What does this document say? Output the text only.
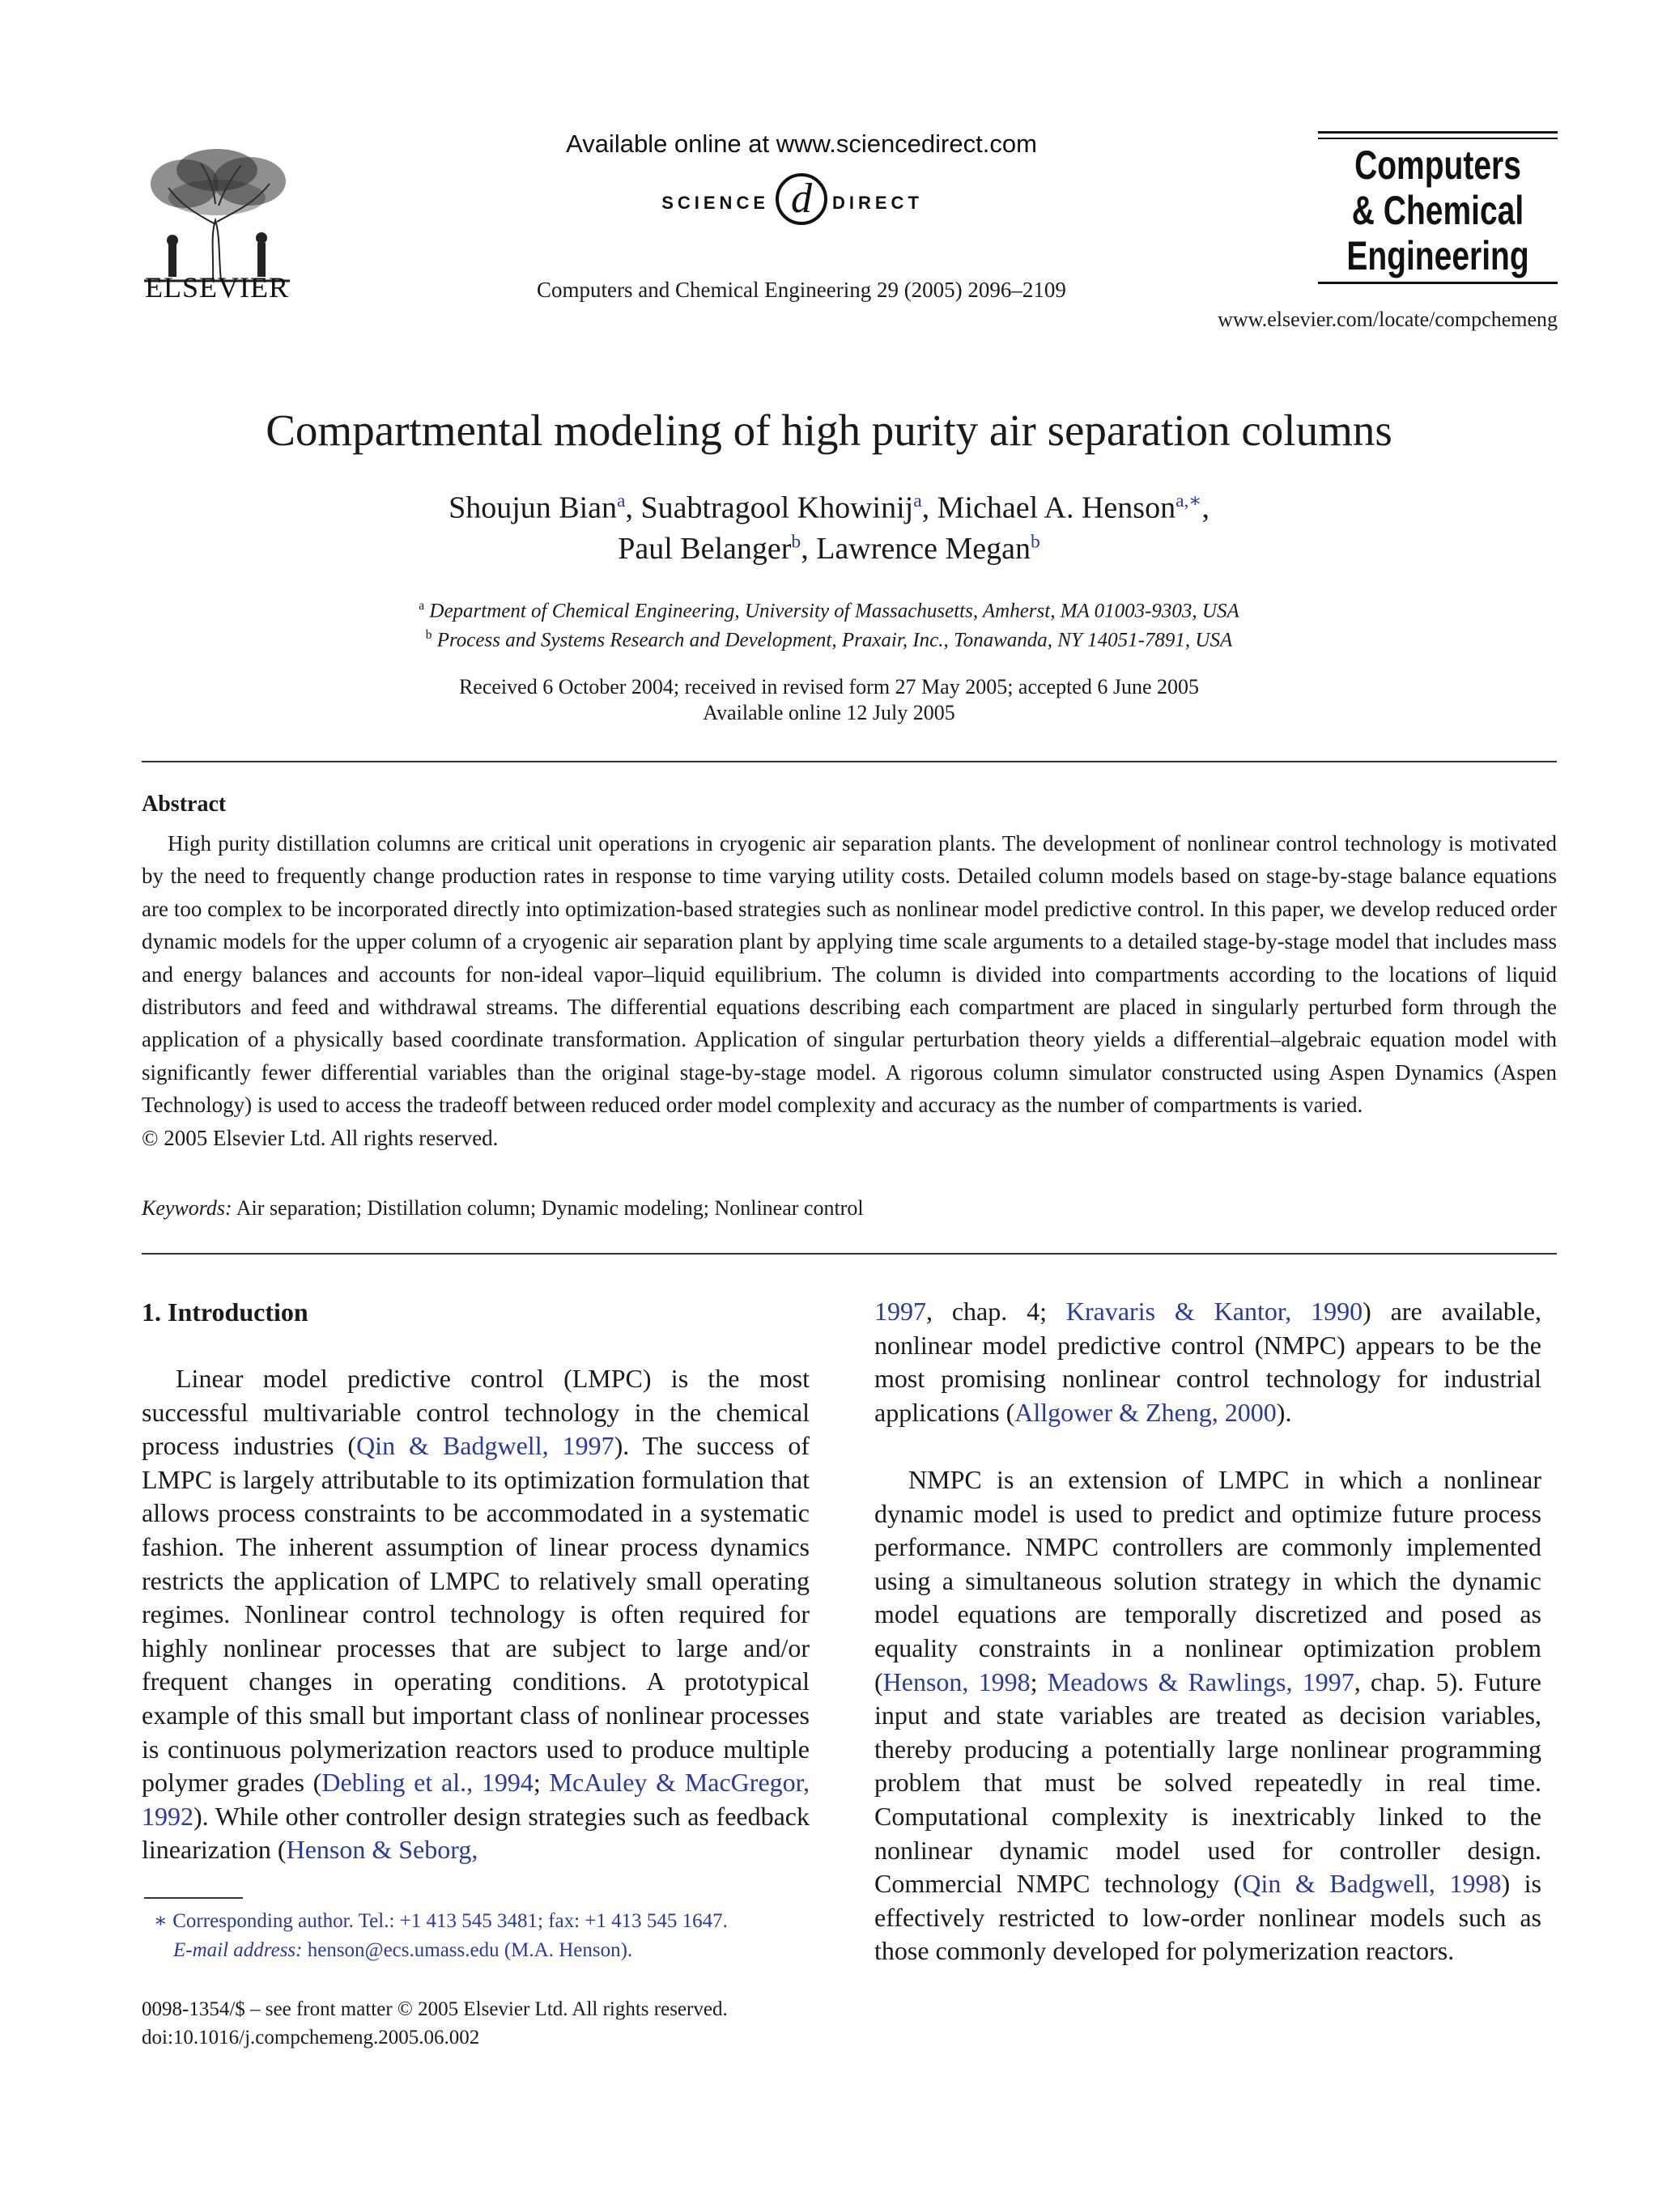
ELSEVIER
Available online at www.sciencedirect.com
SCIENCE d DIRECT
Computers and Chemical Engineering 29 (2005) 2096–2109
Computers
& Chemical
Engineering
www.elsevier.com/locate/compchemeng
Compartmental modeling of high purity air separation columns
Shoujun Bian$^a$, Suabtragool Khowinij$^a$, Michael A. Henson$^{a,∗}$,
Paul Belanger$^b$, Lawrence Megan$^b$
$^a$ Department of Chemical Engineering, University of Massachusetts, Amherst, MA 01003-9303, USA
$^b$ Process and Systems Research and Development, Praxair, Inc., Tonawanda, NY 14051-7891, USA
Received 6 October 2004; received in revised form 27 May 2005; accepted 6 June 2005
Available online 12 July 2005
Abstract
High purity distillation columns are critical unit operations in cryogenic air separation plants. The development of nonlinear control technology is motivated by the need to frequently change production rates in response to time varying utility costs. Detailed column models based on stage-by-stage balance equations are too complex to be incorporated directly into optimization-based strategies such as nonlinear model predictive control. In this paper, we develop reduced order dynamic models for the upper column of a cryogenic air separation plant by applying time scale arguments to a detailed stage-by-stage model that includes mass and energy balances and accounts for non-ideal vapor–liquid equilibrium. The column is divided into compartments according to the locations of liquid distributors and feed and withdrawal streams. The differential equations describing each compartment are placed in singularly perturbed form through the application of a physically based coordinate transformation. Application of singular perturbation theory yields a differential–algebraic equation model with significantly fewer differential variables than the original stage-by-stage model. A rigorous column simulator constructed using Aspen Dynamics (Aspen Technology) is used to access the tradeoff between reduced order model complexity and accuracy as the number of compartments is varied.
© 2005 Elsevier Ltd. All rights reserved.
Keywords: Air separation; Distillation column; Dynamic modeling; Nonlinear control
1. Introduction
Linear model predictive control (LMPC) is the most successful multivariable control technology in the chemical process industries (Qin & Badgwell, 1997). The success of LMPC is largely attributable to its optimization formulation that allows process constraints to be accommodated in a systematic fashion. The inherent assumption of linear process dynamics restricts the application of LMPC to relatively small operating regimes. Nonlinear control technology is often required for highly nonlinear processes that are subject to large and/or frequent changes in operating conditions. A prototypical example of this small but important class of nonlinear processes is continuous polymerization reactors used to produce multiple polymer grades (Debling et al., 1994; McAuley & MacGregor, 1992). While other controller design strategies such as feedback linearization (Henson & Seborg,
1997, chap. 4; Kravaris & Kantor, 1990) are available, nonlinear model predictive control (NMPC) appears to be the most promising nonlinear control technology for industrial applications (Allgower & Zheng, 2000).
NMPC is an extension of LMPC in which a nonlinear dynamic model is used to predict and optimize future process performance. NMPC controllers are commonly implemented using a simultaneous solution strategy in which the dynamic model equations are temporally discretized and posed as equality constraints in a nonlinear optimization problem (Henson, 1998; Meadows & Rawlings, 1997, chap. 5). Future input and state variables are treated as decision variables, thereby producing a potentially large nonlinear programming problem that must be solved repeatedly in real time. Computational complexity is inextricably linked to the nonlinear dynamic model used for controller design. Commercial NMPC technology (Qin & Badgwell, 1998) is effectively restricted to low-order nonlinear models such as those commonly developed for polymerization reactors.
∗ Corresponding author. Tel.: +1 413 545 3481; fax: +1 413 545 1647.
E-mail address: henson@ecs.umass.edu (M.A. Henson).
0098-1354/$ – see front matter © 2005 Elsevier Ltd. All rights reserved.
doi:10.1016/j.compchemeng.2005.06.002
